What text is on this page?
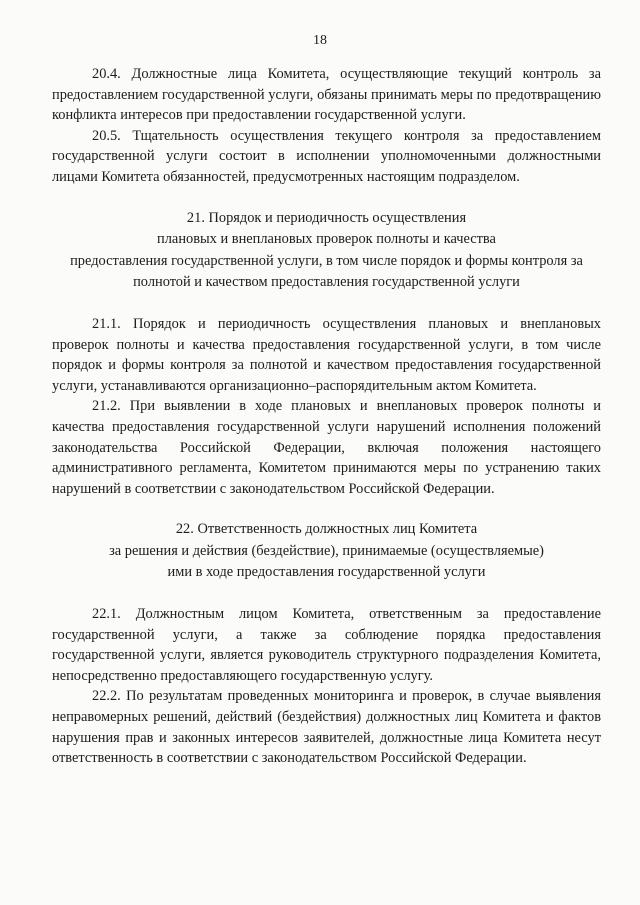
18

20.4. Должностные лица Комитета, осуществляющие текущий контроль за предоставлением государственной услуги, обязаны принимать меры по предотвращению конфликта интересов при предоставлении государственной услуги.

20.5. Тщательность осуществления текущего контроля за предоставлением государственной услуги состоит в исполнении уполномоченными должностными лицами Комитета обязанностей, предусмотренных настоящим подразделом.

21. Порядок и периодичность осуществления
плановых и внеплановых проверок полноты и качества
предоставления государственной услуги, в том числе порядок и формы контроля за
полнотой и качеством предоставления государственной услуги

21.1. Порядок и периодичность осуществления плановых и внеплановых проверок полноты и качества предоставления государственной услуги, в том числе порядок и формы контроля за полнотой и качеством предоставления государственной услуги, устанавливаются организационно–распорядительным актом Комитета.

21.2. При выявлении в ходе плановых и внеплановых проверок полноты и качества предоставления государственной услуги нарушений исполнения положений законодательства Российской Федерации, включая положения настоящего административного регламента, Комитетом принимаются меры по устранению таких нарушений в соответствии с законодательством Российской Федерации.

22. Ответственность должностных лиц Комитета
за решения и действия (бездействие), принимаемые (осуществляемые)
ими в ходе предоставления государственной услуги

22.1. Должностным лицом Комитета, ответственным за предоставление государственной услуги, а также за соблюдение порядка предоставления государственной услуги, является руководитель структурного подразделения Комитета, непосредственно предоставляющего государственную услугу.

22.2. По результатам проведенных мониторинга и проверок, в случае выявления неправомерных решений, действий (бездействия) должностных лиц Комитета и фактов нарушения прав и законных интересов заявителей, должностные лица Комитета несут ответственность в соответствии с законодательством Российской Федерации.
